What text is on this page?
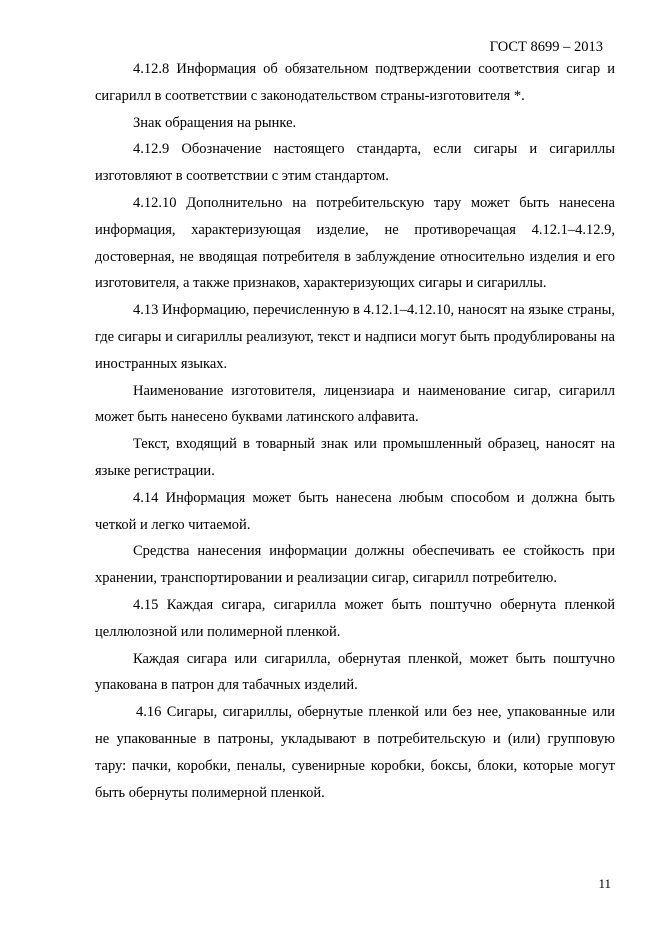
ГОСТ 8699 – 2013

4.12.8 Информация об обязательном подтверждении соответствия сигар и сигарилл в соответствии с законодательством страны-изготовителя *.

Знак обращения на рынке.

4.12.9 Обозначение настоящего стандарта, если сигары и сигариллы изготовляют в соответствии с этим стандартом.

4.12.10 Дополнительно на потребительскую тару может быть нанесена информация, характеризующая изделие, не противоречащая 4.12.1–4.12.9, достоверная, не вводящая потребителя в заблуждение относительно изделия и его изготовителя, а также признаков, характеризующих сигары и сигариллы.

4.13 Информацию, перечисленную в 4.12.1–4.12.10, наносят на языке страны, где сигары и сигариллы реализуют, текст и надписи могут быть продублированы на иностранных языках.

Наименование изготовителя, лицензиара и наименование сигар, сигарилл может быть нанесено буквами латинского алфавита.

Текст, входящий в товарный знак или промышленный образец, наносят на языке регистрации.

4.14 Информация может быть нанесена любым способом и должна быть четкой и легко читаемой.

Средства нанесения информации должны обеспечивать ее стойкость при хранении, транспортировании и реализации сигар, сигарилл потребителю.

4.15 Каждая сигара, сигарилла может быть поштучно обернута пленкой целлюлозной или полимерной пленкой.

Каждая сигара или сигарилла, обернутая пленкой, может быть поштучно упакована в патрон для табачных изделий.

4.16 Сигары, сигариллы, обернутые пленкой или без нее, упакованные или не упакованные в патроны, укладывают в потребительскую и (или) групповую тару: пачки, коробки, пеналы, сувенирные коробки, боксы, блоки, которые могут быть обернуты полимерной пленкой.

11
